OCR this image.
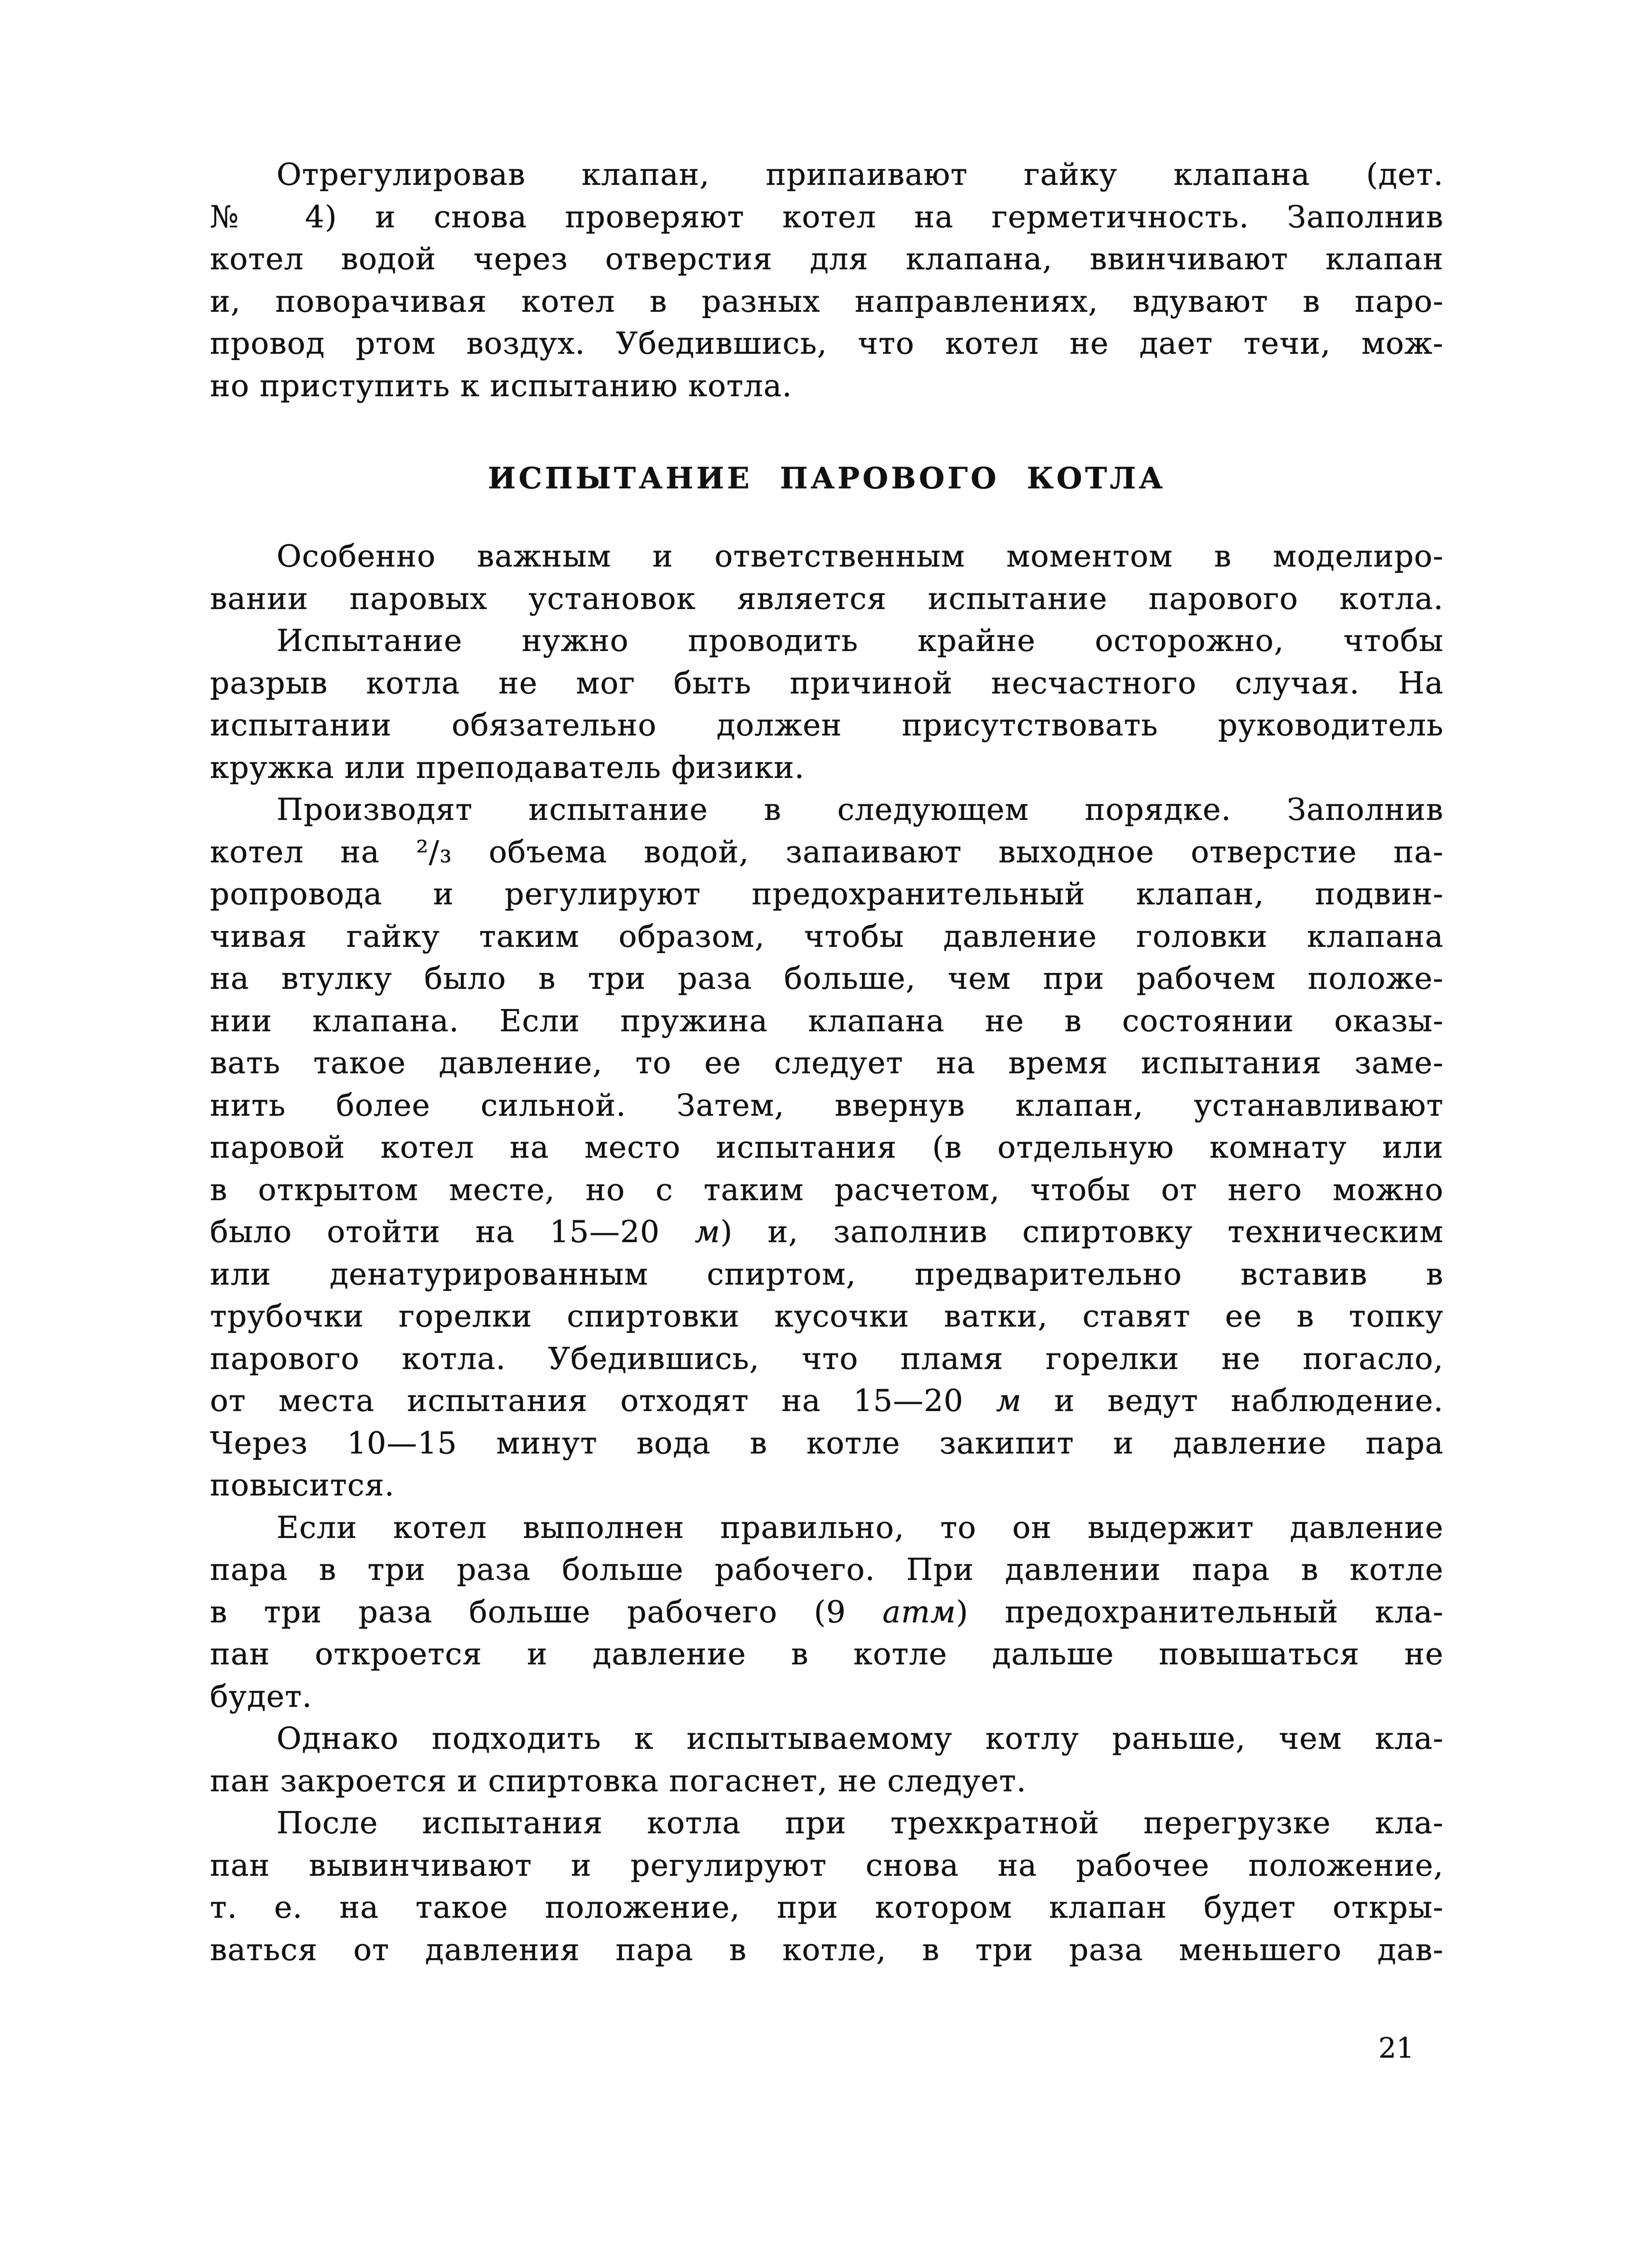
Отрегулировав клапан, припаивают гайку клапана (дет.
№ 4) и снова проверяют котел на герметичность. Заполнив
котел водой через отверстия для клапана, ввинчивают клапан
и, поворачивая котел в разных направлениях, вдувают в паро-
провод ртом воздух. Убедившись, что котел не дает течи, мож-
но приступить к испытанию котла.
ИСПЫТАНИЕ ПАРОВОГО КОТЛА
Особенно важным и ответственным моментом в моделиро-
вании паровых установок является испытание парового котла.
Испытание нужно проводить крайне осторожно, чтобы
разрыв котла не мог быть причиной несчастного случая. На
испытании обязательно должен присутствовать руководитель
кружка или преподаватель физики.
Производят испытание в следующем порядке. Заполнив
котел на ²/₃ объема водой, запаивают выходное отверстие па-
ропровода и регулируют предохранительный клапан, подвин-
чивая гайку таким образом, чтобы давление головки клапана
на втулку было в три раза больше, чем при рабочем положе-
нии клапана. Если пружина клапана не в состоянии оказы-
вать такое давление, то ее следует на время испытания заме-
нить более сильной. Затем, ввернув клапан, устанавливают
паровой котел на место испытания (в отдельную комнату или
в открытом месте, но с таким расчетом, чтобы от него можно
было отойти на 15—20 м) и, заполнив спиртовку техническим
или денатурированным спиртом, предварительно вставив в
трубочки горелки спиртовки кусочки ватки, ставят ее в топку
парового котла. Убедившись, что пламя горелки не погасло,
от места испытания отходят на 15—20 м и ведут наблюдение.
Через 10—15 минут вода в котле закипит и давление пара
повысится.
Если котел выполнен правильно, то он выдержит давление
пара в три раза больше рабочего. При давлении пара в котле
в три раза больше рабочего (9 атм) предохранительный кла-
пан откроется и давление в котле дальше повышаться не
будет.
Однако подходить к испытываемому котлу раньше, чем кла-
пан закроется и спиртовка погаснет, не следует.
После испытания котла при трехкратной перегрузке кла-
пан вывинчивают и регулируют снова на рабочее положение,
т. е. на такое положение, при котором клапан будет откры-
ваться от давления пара в котле, в три раза меньшего дав-
21
